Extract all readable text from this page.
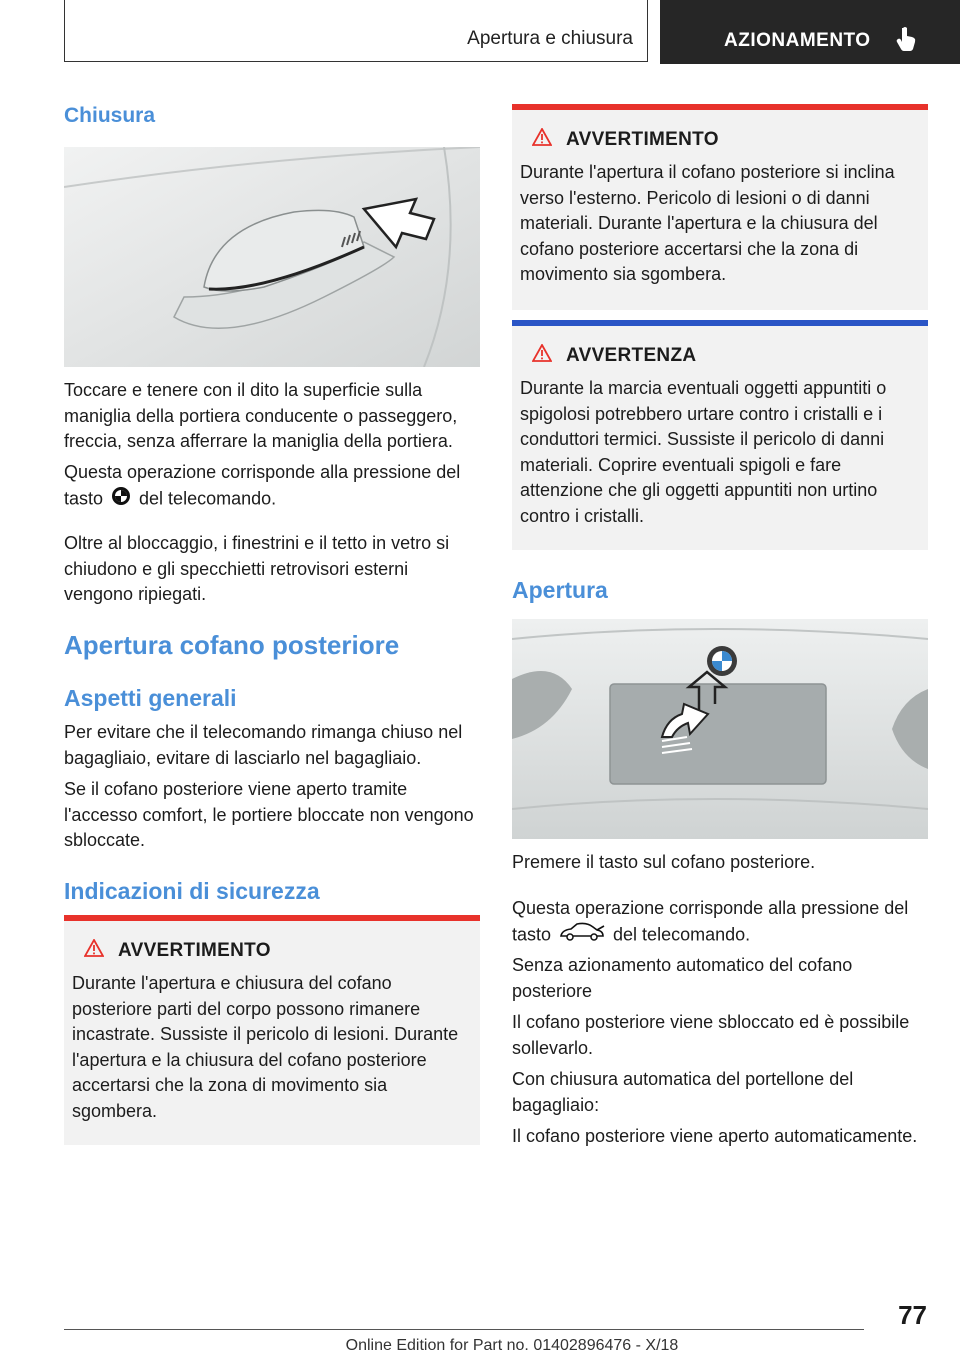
Apertura e chiusura	AZIONAMENTO
Chiusura

Toccare e tenere con il dito la superficie sulla maniglia della portiera conducente o passeggero, freccia, senza afferrare la maniglia della portiera.

Questa operazione corrisponde alla pressione del tasto del telecomando.

Oltre al bloccaggio, i finestrini e il tetto in vetro si chiudono e gli specchietti retrovisori esterni vengono ripiegati.

Apertura cofano posteriore
Aspetti generali

Per evitare che il telecomando rimanga chiuso nel bagagliaio, evitare di lasciarlo nel bagagliaio.

Se il cofano posteriore viene aperto tramite l'accesso comfort, le portiere bloccate non vengono sbloccate.

Indicazioni di sicurezza
AVVERTIMENTO

Durante l'apertura e chiusura del cofano posteriore parti del corpo possono rimanere incastrate. Sussiste il pericolo di lesioni. Durante l'apertura e la chiusura del cofano posteriore accertarsi che la zona di movimento sia sgombera.

AVVERTIMENTO

Durante l'apertura il cofano posteriore si inclina verso l'esterno. Pericolo di lesioni o di danni materiali. Durante l'apertura e la chiusura del cofano posteriore accertarsi che la zona di movimento sia sgombera.

AVVERTENZA

Durante la marcia eventuali oggetti appuntiti o spigolosi potrebbero urtare contro i cristalli e i conduttori termici. Sussiste il pericolo di danni materiali. Coprire eventuali spigoli e fare attenzione che gli oggetti appuntiti non urtino contro i cristalli.

Apertura

Premere il tasto sul cofano posteriore.

Questa operazione corrisponde alla pressione del tasto	del telecomando.

Senza azionamento automatico del cofano posteriore

Il cofano posteriore viene sbloccato ed è possibile sollevarlo.

Con chiusura automatica del portellone del bagagliaio:

Il cofano posteriore viene aperto automaticamente.

77
Online Edition for Part no. 01402896476 - X/18
